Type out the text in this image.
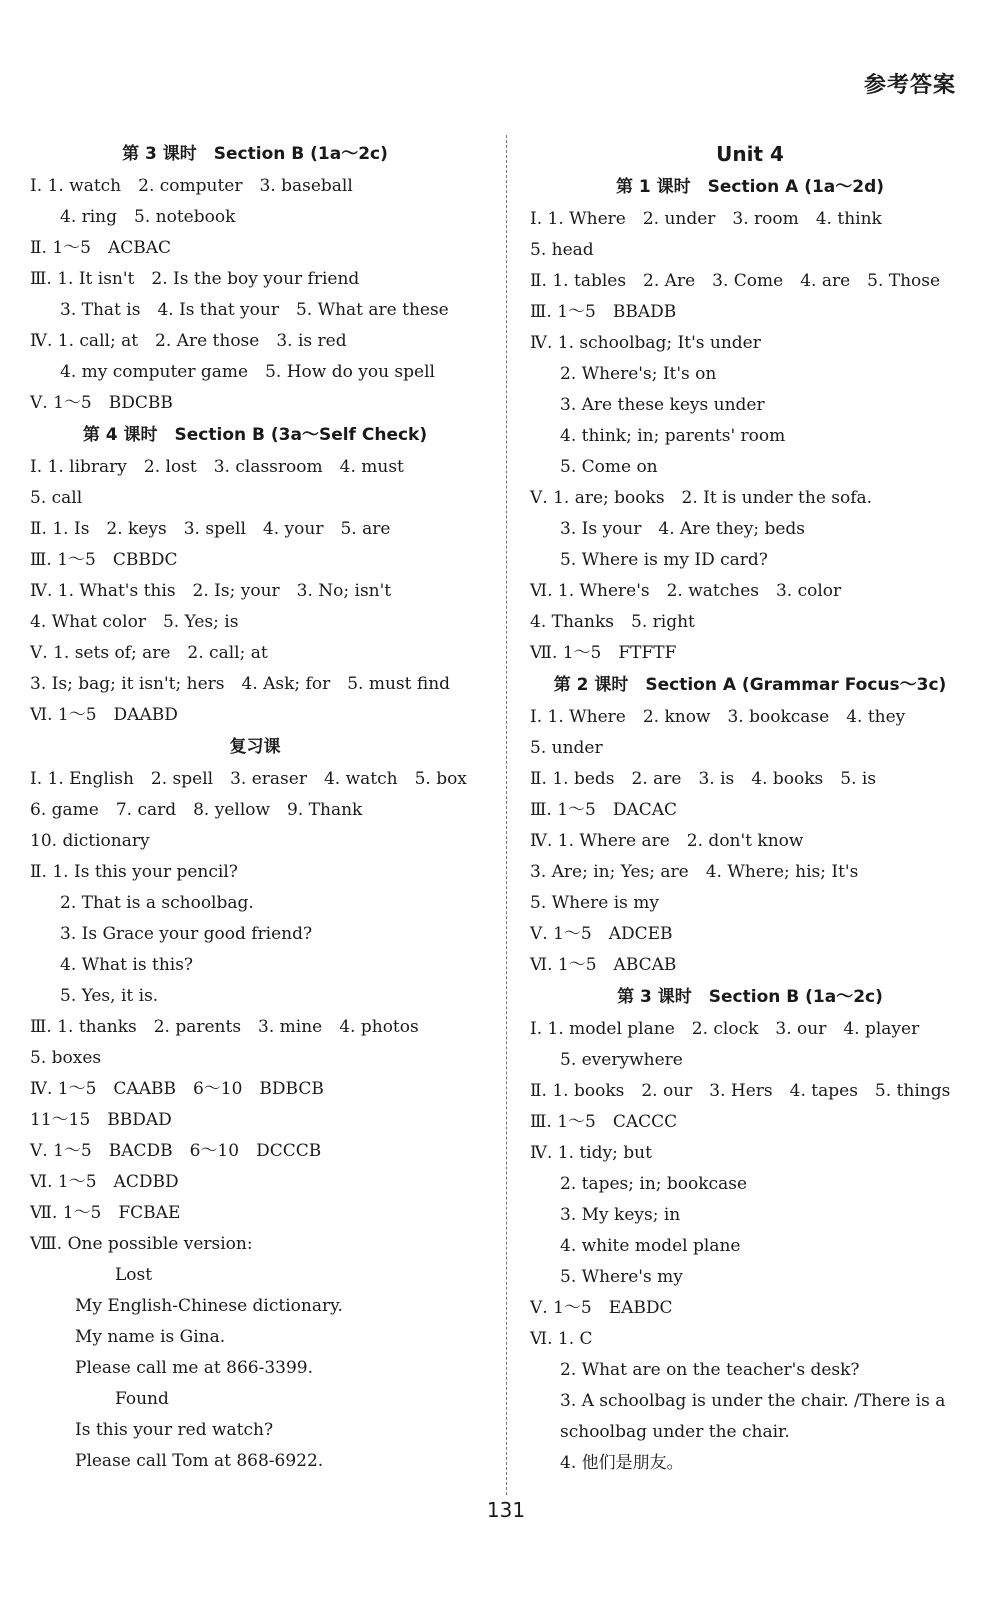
参考答案
第 3 课时　Section B (1a～2c)
Ⅰ. 1. watch　2. computer　3. baseball
4. ring　5. notebook
Ⅱ. 1～5　ACBAC
Ⅲ. 1. It isn't　2. Is the boy your friend
3. That is　4. Is that your　5. What are these
Ⅳ. 1. call; at　2. Are those　3. is red
4. my computer game　5. How do you spell
Ⅴ. 1～5　BDCBB
第 4 课时　Section B (3a～Self Check)
Ⅰ. 1. library　2. lost　3. classroom　4. must
5. call
Ⅱ. 1. Is　2. keys　3. spell　4. your　5. are
Ⅲ. 1～5　CBBDC
Ⅳ. 1. What's this　2. Is; your　3. No; isn't
4. What color　5. Yes; is
Ⅴ. 1. sets of; are　2. call; at
3. Is; bag; it isn't; hers　4. Ask; for　5. must find
Ⅵ. 1～5　DAABD
复习课
Ⅰ. 1. English　2. spell　3. eraser　4. watch　5. box
6. game　7. card　8. yellow　9. Thank
10. dictionary
Ⅱ. 1. Is this your pencil?
2. That is a schoolbag.
3. Is Grace your good friend?
4. What is this?
5. Yes, it is.
Ⅲ. 1. thanks　2. parents　3. mine　4. photos
5. boxes
Ⅳ. 1～5　CAABB　6～10　BDBCB
11～15　BBDAD
Ⅴ. 1～5　BACDB　6～10　DCCCB
Ⅵ. 1～5　ACDBD
Ⅶ. 1～5　FCBAE
Ⅷ. One possible version:
Lost
My English-Chinese dictionary.
My name is Gina.
Please call me at 866-3399.
Found
Is this your red watch?
Please call Tom at 868-6922.
Unit 4
第 1 课时　Section A (1a～2d)
Ⅰ. 1. Where　2. under　3. room　4. think
5. head
Ⅱ. 1. tables　2. Are　3. Come　4. are　5. Those
Ⅲ. 1～5　BBADB
Ⅳ. 1. schoolbag; It's under
2. Where's; It's on
3. Are these keys under
4. think; in; parents' room
5. Come on
Ⅴ. 1. are; books　2. It is under the sofa.
3. Is your　4. Are they; beds
5. Where is my ID card?
Ⅵ. 1. Where's　2. watches　3. color
4. Thanks　5. right
Ⅶ. 1～5　FTFTF
第 2 课时　Section A (Grammar Focus～3c)
Ⅰ. 1. Where　2. know　3. bookcase　4. they
5. under
Ⅱ. 1. beds　2. are　3. is　4. books　5. is
Ⅲ. 1～5　DACAC
Ⅳ. 1. Where are　2. don't know
3. Are; in; Yes; are　4. Where; his; It's
5. Where is my
Ⅴ. 1～5　ADCEB
Ⅵ. 1～5　ABCAB
第 3 课时　Section B (1a～2c)
Ⅰ. 1. model plane　2. clock　3. our　4. player
5. everywhere
Ⅱ. 1. books　2. our　3. Hers　4. tapes　5. things
Ⅲ. 1～5　CACCC
Ⅳ. 1. tidy; but
2. tapes; in; bookcase
3. My keys; in
4. white model plane
5. Where's my
Ⅴ. 1～5　EABDC
Ⅵ. 1. C
2. What are on the teacher's desk?
3. A schoolbag is under the chair. /There is a
schoolbag under the chair.
4. 他们是朋友。
131
